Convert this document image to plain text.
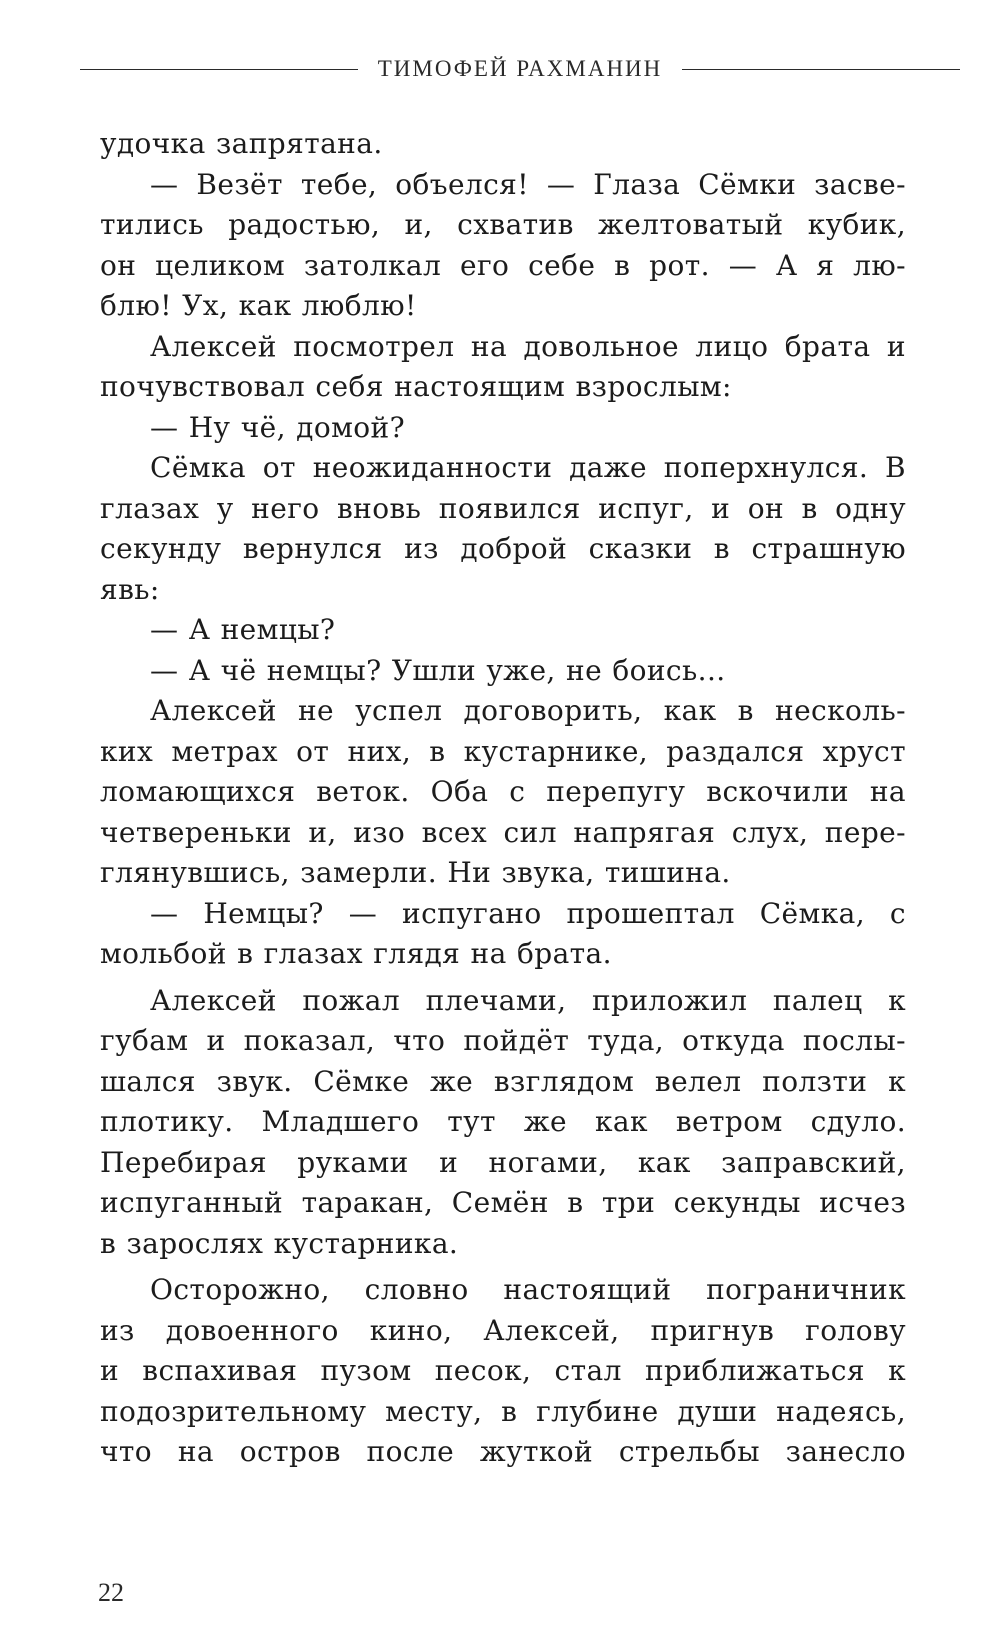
ТИМОФЕЙ РАХМАНИН
удочка запрятана.
— Везёт тебе, объелся! — Глаза Сёмки засве-
тились радостью, и, схватив желтоватый кубик,
он целиком затолкал его себе в рот. — А я лю-
блю! Ух, как люблю!
Алексей посмотрел на довольное лицо брата и
почувствовал себя настоящим взрослым:
— Ну чё, домой?
Сёмка от неожиданности даже поперхнулся. В
глазах у него вновь появился испуг, и он в одну
секунду вернулся из доброй сказки в страшную
явь:
— А немцы?
— А чё немцы? Ушли уже, не боись...
Алексей не успел договорить, как в несколь-
ких метрах от них, в кустарнике, раздался хруст
ломающихся веток. Оба с перепугу вскочили на
четвереньки и, изо всех сил напрягая слух, пере-
глянувшись, замерли. Ни звука, тишина.
— Немцы? — испугано прошептал Сёмка, с
мольбой в глазах глядя на брата.
Алексей пожал плечами, приложил палец к
губам и показал, что пойдёт туда, откуда послы-
шался звук. Сёмке же взглядом велел ползти к
плотику. Младшего тут же как ветром сдуло.
Перебирая руками и ногами, как заправский,
испуганный таракан, Семён в три секунды исчез
в зарослях кустарника.
Осторожно, словно настоящий пограничник
из довоенного кино, Алексей, пригнув голову
и вспахивая пузом песок, стал приближаться к
подозрительному месту, в глубине души надеясь,
что на остров после жуткой стрельбы занесло
22
